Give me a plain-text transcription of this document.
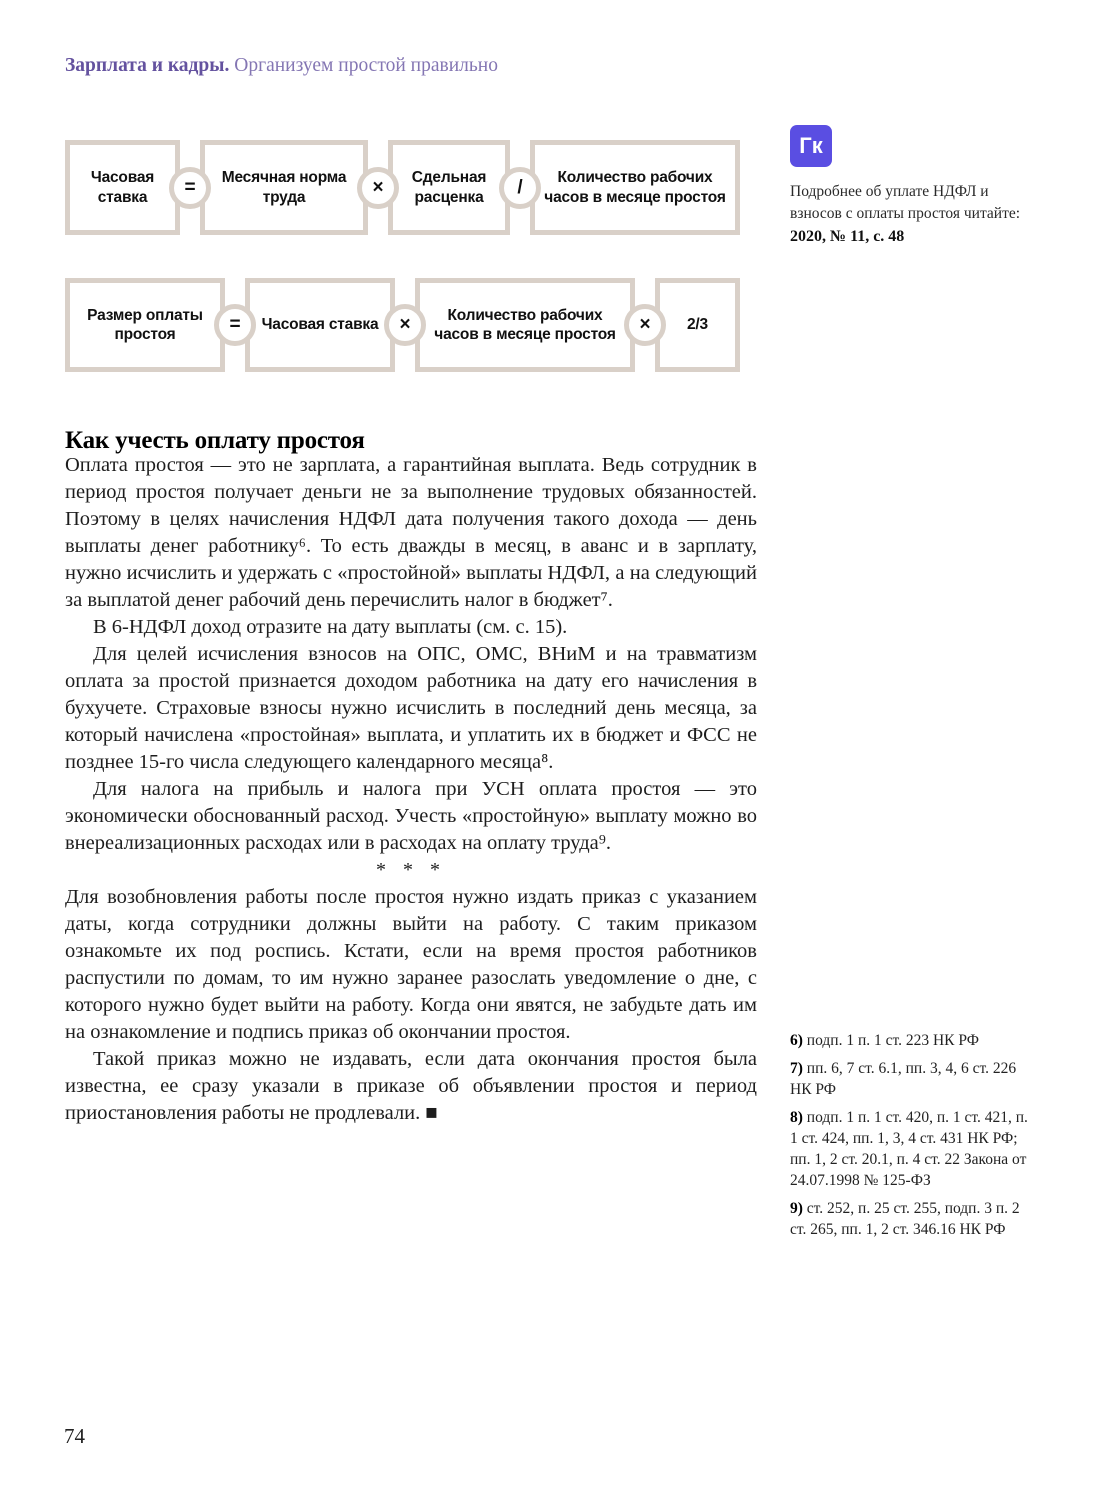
Зарплата и кадры. Организуем простой правильно
Часовая ставка	=	Месячная норма труда	×	Сдельная расценка	/	Количество рабочих часов в месяце простоя
Размер оплаты простоя	=	Часовая ставка	×	Количество рабочих часов в месяце простоя	×	2/3
Гк

Подробнее об уплате НДФЛ и взносов с оплаты простоя читайте:

2020, № 11, с. 48

Как учесть оплату простоя

Оплата простоя — это не зарплата, а гарантийная выплата. Ведь сотрудник в период простоя получает деньги не за выполнение трудовых обязанностей. Поэтому в целях начисления НДФЛ дата получения такого дохода — день выплаты денег работнику⁶. То есть дважды в месяц, в аванс и в зарплату, нужно исчислить и удержать с «простойной» выплаты НДФЛ, а на следующий за выплатой денег рабочий день перечислить налог в бюджет⁷.

В 6-НДФЛ доход отразите на дату выплаты (см. с. 15).

Для целей исчисления взносов на ОПС, ОМС, ВНиМ и на травматизм оплата за простой признается доходом работника на дату его начисления в бухучете. Страховые взносы нужно исчислить в последний день месяца, за который начислена «простойная» выплата, и уплатить их в бюджет и ФСС не позднее 15-го числа следующего календарного месяца⁸.

Для налога на прибыль и налога при УСН оплата простоя — это экономически обоснованный расход. Учесть «простойную» выплату можно во внереализационных расходах или в расходах на оплату труда⁹.

* * *

Для возобновления работы после простоя нужно издать приказ с указанием даты, когда сотрудники должны выйти на работу. С таким приказом ознакомьте их под роспись. Кстати, если на время простоя работников распустили по домам, то им нужно заранее разослать уведомление о дне, с которого нужно будет выйти на работу. Когда они явятся, не забудьте дать им на ознакомление и подпись приказ об окончании простоя.

Такой приказ можно не издавать, если дата окончания простоя была известна, ее сразу указали в приказе об объявлении простоя и период приостановления работы не продлевали. ■

6) подп. 1 п. 1 ст. 223 НК РФ

7) пп. 6, 7 ст. 6.1, пп. 3, 4, 6 ст. 226 НК РФ

8) подп. 1 п. 1 ст. 420, п. 1 ст. 421, п. 1 ст. 424, пп. 1, 3, 4 ст. 431 НК РФ; пп. 1, 2 ст. 20.1, п. 4 ст. 22 Закона от 24.07.1998 № 125-ФЗ

9) ст. 252, п. 25 ст. 255, подп. 3 п. 2 ст. 265, пп. 1, 2 ст. 346.16 НК РФ

74
